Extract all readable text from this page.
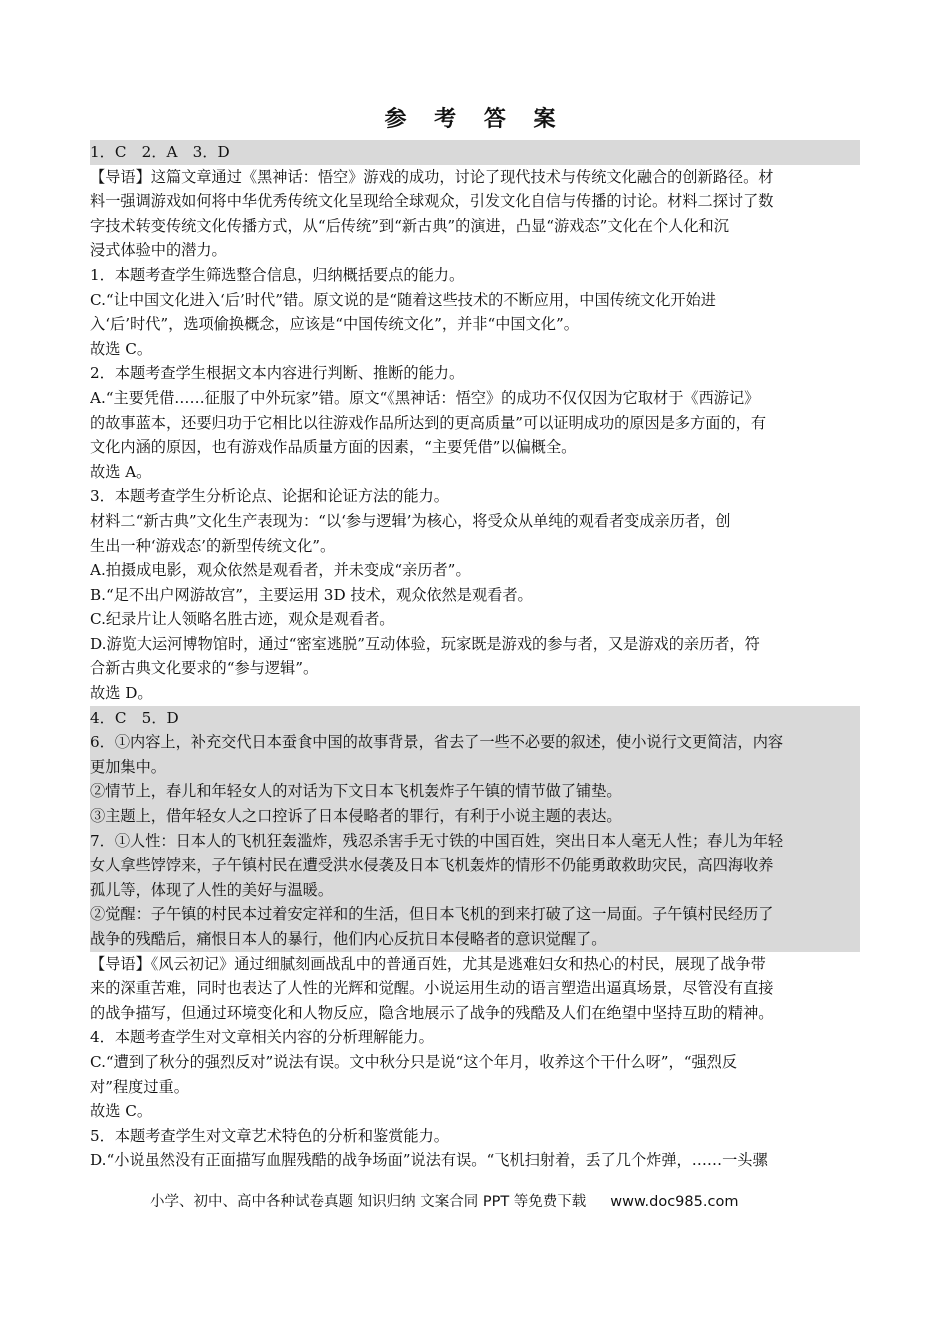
参 考 答 案
1．C　2．A　3．D
【导语】这篇文章通过《黑神话：悟空》游戏的成功，讨论了现代技术与传统文化融合的创新路径。材
料一强调游戏如何将中华优秀传统文化呈现给全球观众，引发文化自信与传播的讨论。材料二探讨了数
字技术转变传统文化传播方式，从“后传统”到“新古典”的演进，凸显“游戏态”文化在个人化和沉
浸式体验中的潜力。
1．本题考查学生筛选整合信息，归纳概括要点的能力。
C.“让中国文化进入‘后’时代”错。原文说的是“随着这些技术的不断应用，中国传统文化开始进
入‘后’时代”，选项偷换概念，应该是“中国传统文化”，并非“中国文化”。
故选 C。
2．本题考查学生根据文本内容进行判断、推断的能力。
A.“主要凭借……征服了中外玩家”错。原文“《黑神话：悟空》的成功不仅仅因为它取材于《西游记》
的故事蓝本，还要归功于它相比以往游戏作品所达到的更高质量”可以证明成功的原因是多方面的，有
文化内涵的原因，也有游戏作品质量方面的因素，“主要凭借”以偏概全。
故选 A。
3．本题考查学生分析论点、论据和论证方法的能力。
材料二“新古典”文化生产表现为：“以‘参与逻辑’为核心，将受众从单纯的观看者变成亲历者，创
生出一种‘游戏态’的新型传统文化”。
A.拍摄成电影，观众依然是观看者，并未变成“亲历者”。
B.“足不出户网游故宫”，主要运用 3D 技术，观众依然是观看者。
C.纪录片让人领略名胜古迹，观众是观看者。
D.游览大运河博物馆时，通过“密室逃脱”互动体验，玩家既是游戏的参与者，又是游戏的亲历者，符
合新古典文化要求的“参与逻辑”。
故选 D。
4．C　5．D
6．①内容上，补充交代日本蚕食中国的故事背景，省去了一些不必要的叙述，使小说行文更简洁，内容
更加集中。
②情节上，春儿和年轻女人的对话为下文日本飞机轰炸子午镇的情节做了铺垫。
③主题上，借年轻女人之口控诉了日本侵略者的罪行，有利于小说主题的表达。
7．①人性：日本人的飞机狂轰滥炸，残忍杀害手无寸铁的中国百姓，突出日本人毫无人性；春儿为年轻
女人拿些饽饽来，子午镇村民在遭受洪水侵袭及日本飞机轰炸的情形不仍能勇敢救助灾民，高四海收养
孤儿等，体现了人性的美好与温暖。
②觉醒：子午镇的村民本过着安定祥和的生活，但日本飞机的到来打破了这一局面。子午镇村民经历了
战争的残酷后，痛恨日本人的暴行，他们内心反抗日本侵略者的意识觉醒了。
【导语】《风云初记》通过细腻刻画战乱中的普通百姓，尤其是逃难妇女和热心的村民，展现了战争带
来的深重苦难，同时也表达了人性的光辉和觉醒。小说运用生动的语言塑造出逼真场景，尽管没有直接
的战争描写，但通过环境变化和人物反应，隐含地展示了战争的残酷及人们在绝望中坚持互助的精神。
4．本题考查学生对文章相关内容的分析理解能力。
C.“遭到了秋分的强烈反对”说法有误。文中秋分只是说“这个年月，收养这个干什么呀”，“强烈反
对”程度过重。
故选 C。
5．本题考查学生对文章艺术特色的分析和鉴赏能力。
D.“小说虽然没有正面描写血腥残酷的战争场面”说法有误。“飞机扫射着，丢了几个炸弹，……一头骡
小学、初中、高中各种试卷真题 知识归纳 文案合同 PPT 等免费下载 www.doc985.com
